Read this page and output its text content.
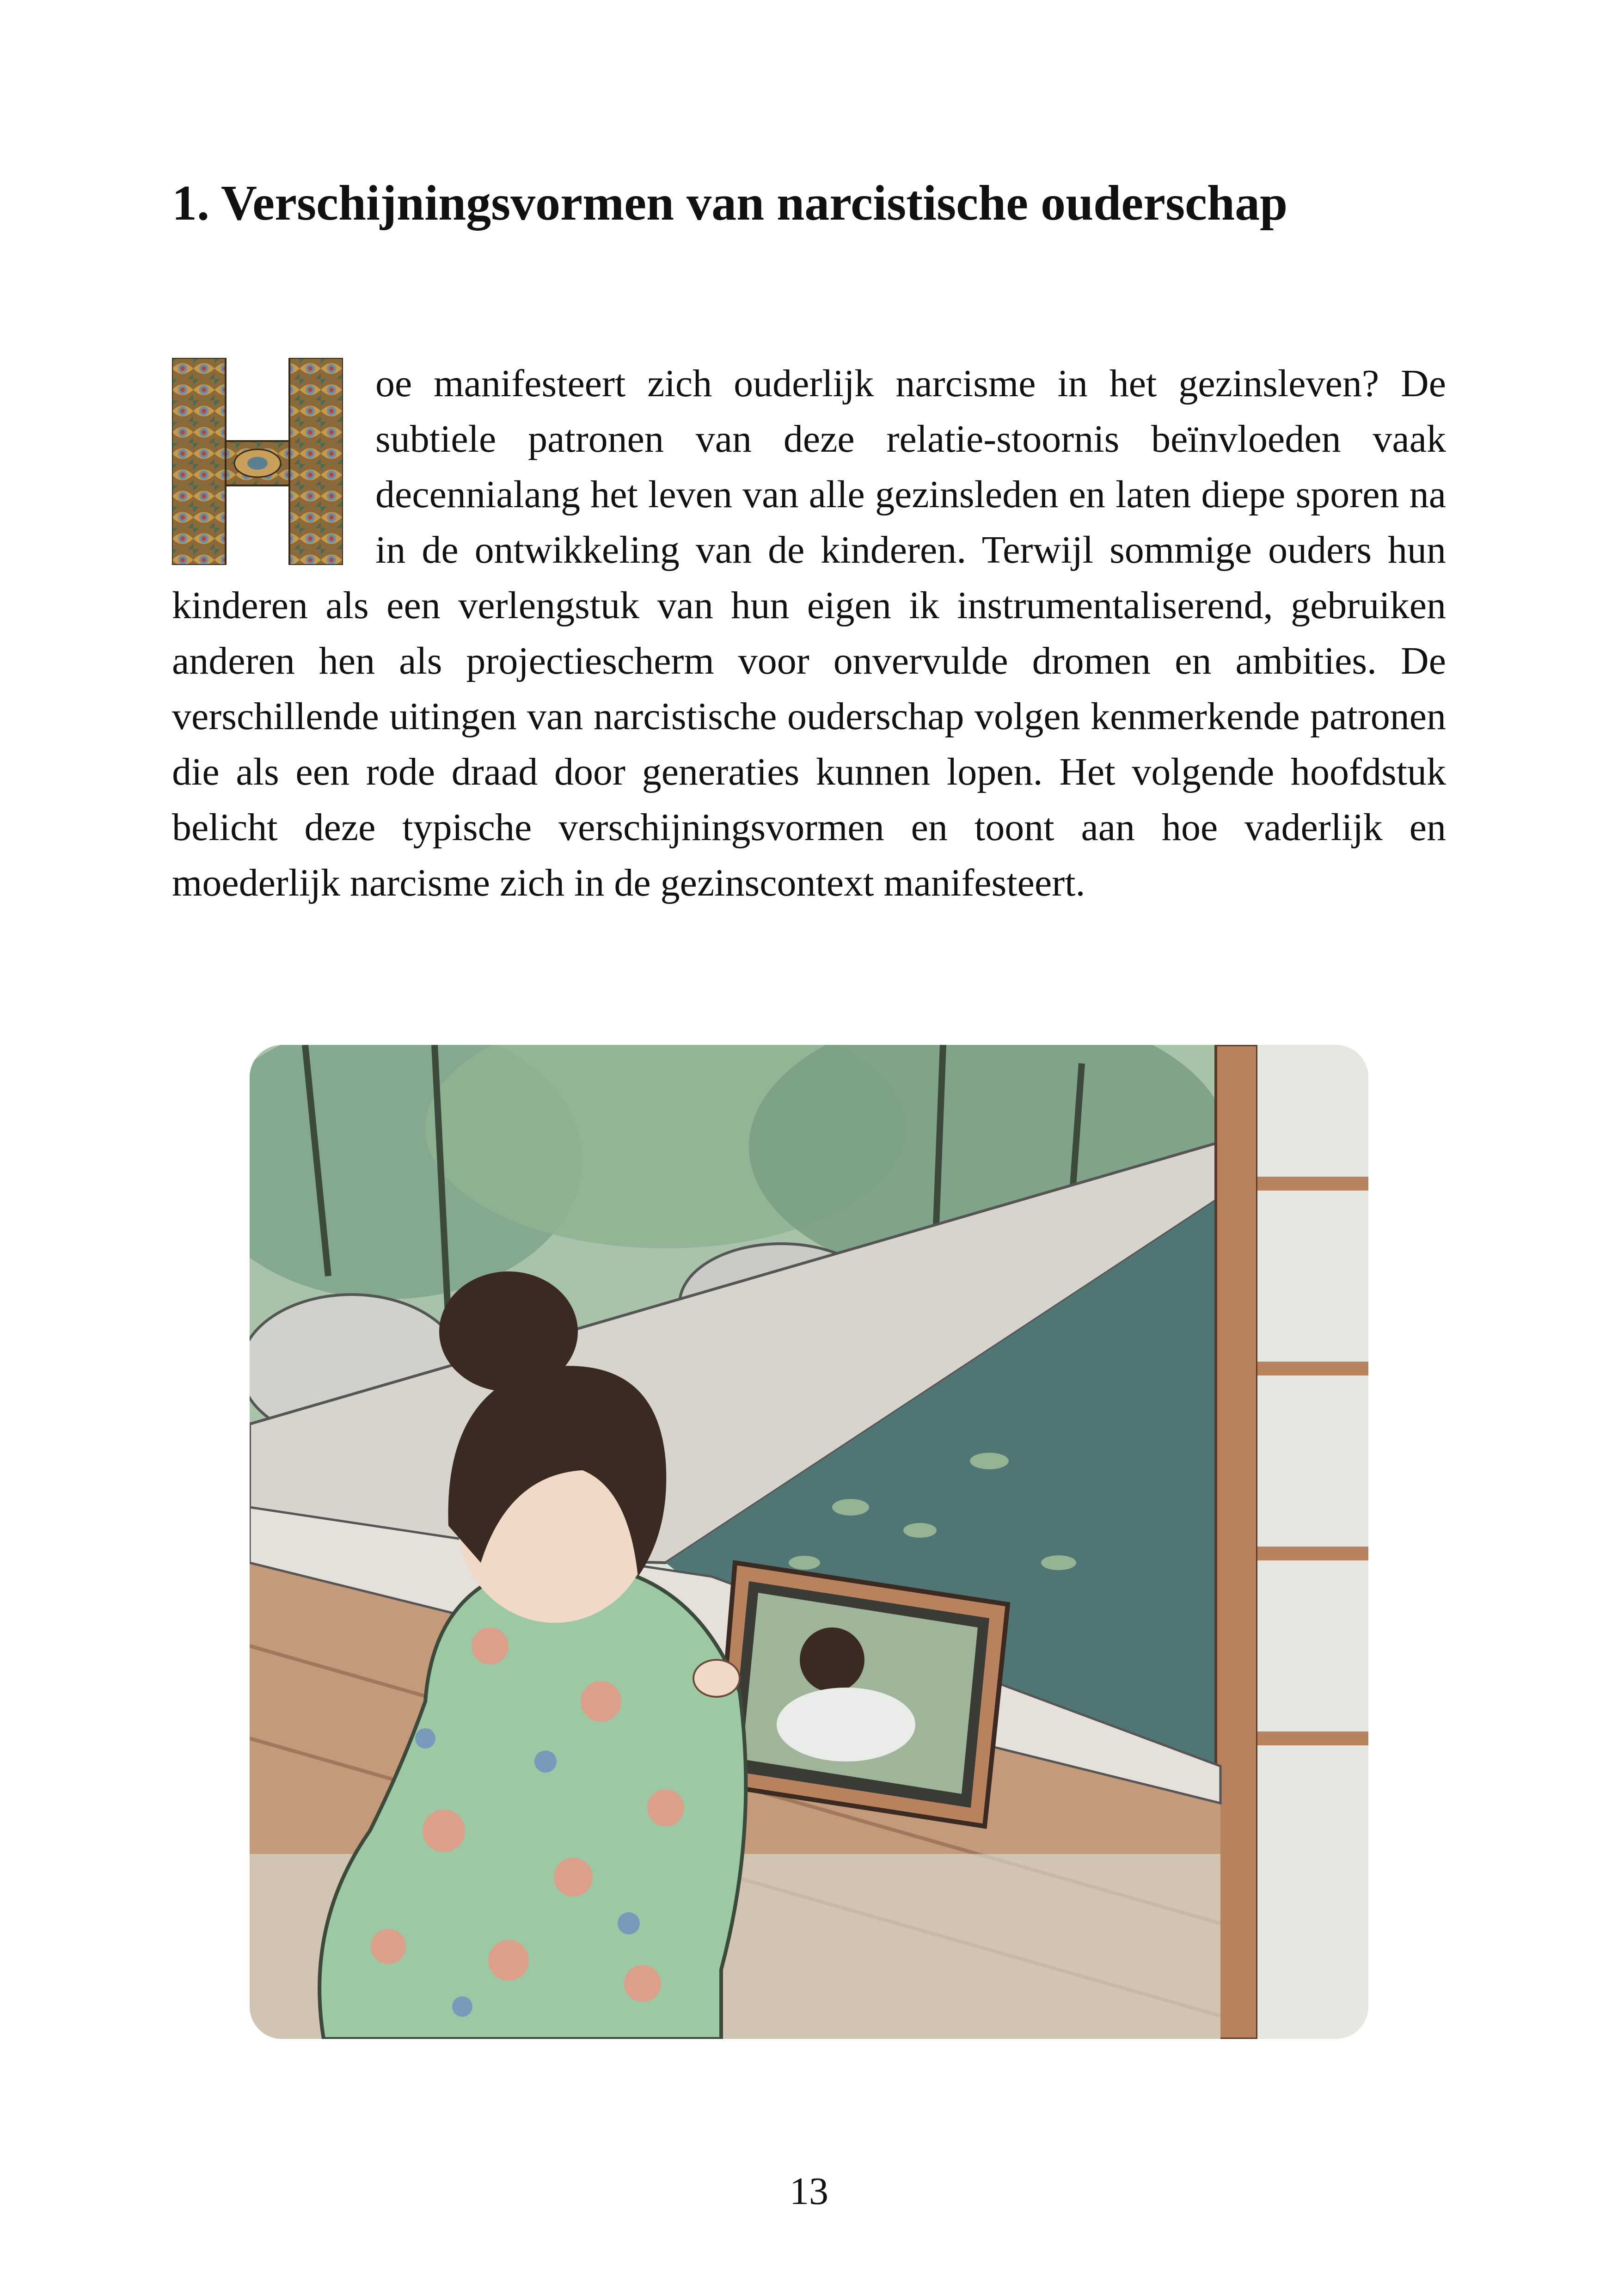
1. Verschijningsvormen van narcistische ouderschap

oe manifesteert zich ouderlijk narcisme in het gezinsleven? De subtiele patronen van deze relatie-stoornis beïnvloeden vaak decennialang het leven van alle gezinsleden en laten diepe sporen na in de ontwikkeling van de kinderen. Terwijl sommige ouders hun kinderen als een verlengstuk van hun eigen ik instrumentaliserend, gebruiken anderen hen als projectiescherm voor onvervulde dromen en ambities. De verschillende uitingen van narcistische ouderschap volgen kenmerkende patronen die als een rode draad door generaties kunnen lopen. Het volgende hoofdstuk belicht deze typische verschijningsvormen en toont aan hoe vaderlijk en moederlijk narcisme zich in de gezinscontext manifesteert.

13
